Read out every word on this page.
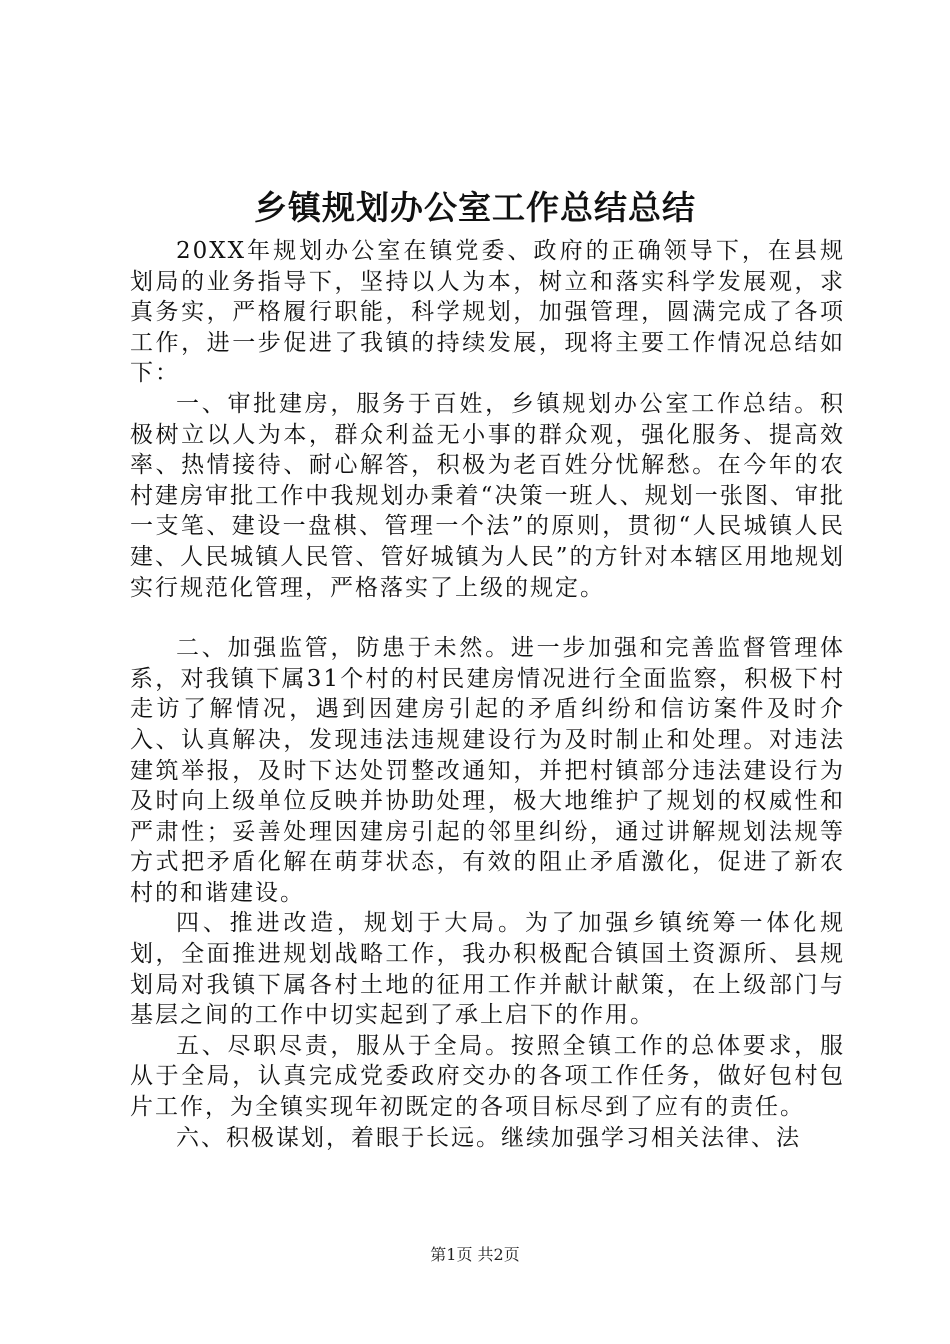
乡镇规划办公室工作总结总结

20XX年规划办公室在镇党委、政府的正确领导下，在县规划局的业务指导下，坚持以人为本，树立和落实科学发展观，求真务实，严格履行职能，科学规划，加强管理，圆满完成了各项工作，进一步促进了我镇的持续发展，现将主要工作情况总结如下：

一、审批建房，服务于百姓，乡镇规划办公室工作总结。积极树立以人为本，群众利益无小事的群众观，强化服务、提高效率、热情接待、耐心解答，积极为老百姓分忧解愁。在今年的农村建房审批工作中我规划办秉着“决策一班人、规划一张图、审批一支笔、建设一盘棋、管理一个法”的原则，贯彻“人民城镇人民建、人民城镇人民管、管好城镇为人民”的方针对本辖区用地规划实行规范化管理，严格落实了上级的规定。

二、加强监管，防患于未然。进一步加强和完善监督管理体系，对我镇下属31个村的村民建房情况进行全面监察，积极下村走访了解情况，遇到因建房引起的矛盾纠纷和信访案件及时介入、认真解决，发现违法违规建设行为及时制止和处理。对违法建筑举报，及时下达处罚整改通知，并把村镇部分违法建设行为及时向上级单位反映并协助处理，极大地维护了规划的权威性和严肃性；妥善处理因建房引起的邻里纠纷，通过讲解规划法规等方式把矛盾化解在萌芽状态，有效的阻止矛盾激化，促进了新农村的和谐建设。

四、推进改造，规划于大局。为了加强乡镇统筹一体化规划，全面推进规划战略工作，我办积极配合镇国土资源所、县规划局对我镇下属各村土地的征用工作并献计献策，在上级部门与基层之间的工作中切实起到了承上启下的作用。

五、尽职尽责，服从于全局。按照全镇工作的总体要求，服从于全局，认真完成党委政府交办的各项工作任务，做好包村包片工作，为全镇实现年初既定的各项目标尽到了应有的责任。

六、积极谋划，着眼于长远。继续加强学习相关法律、法

第1页 共2页
